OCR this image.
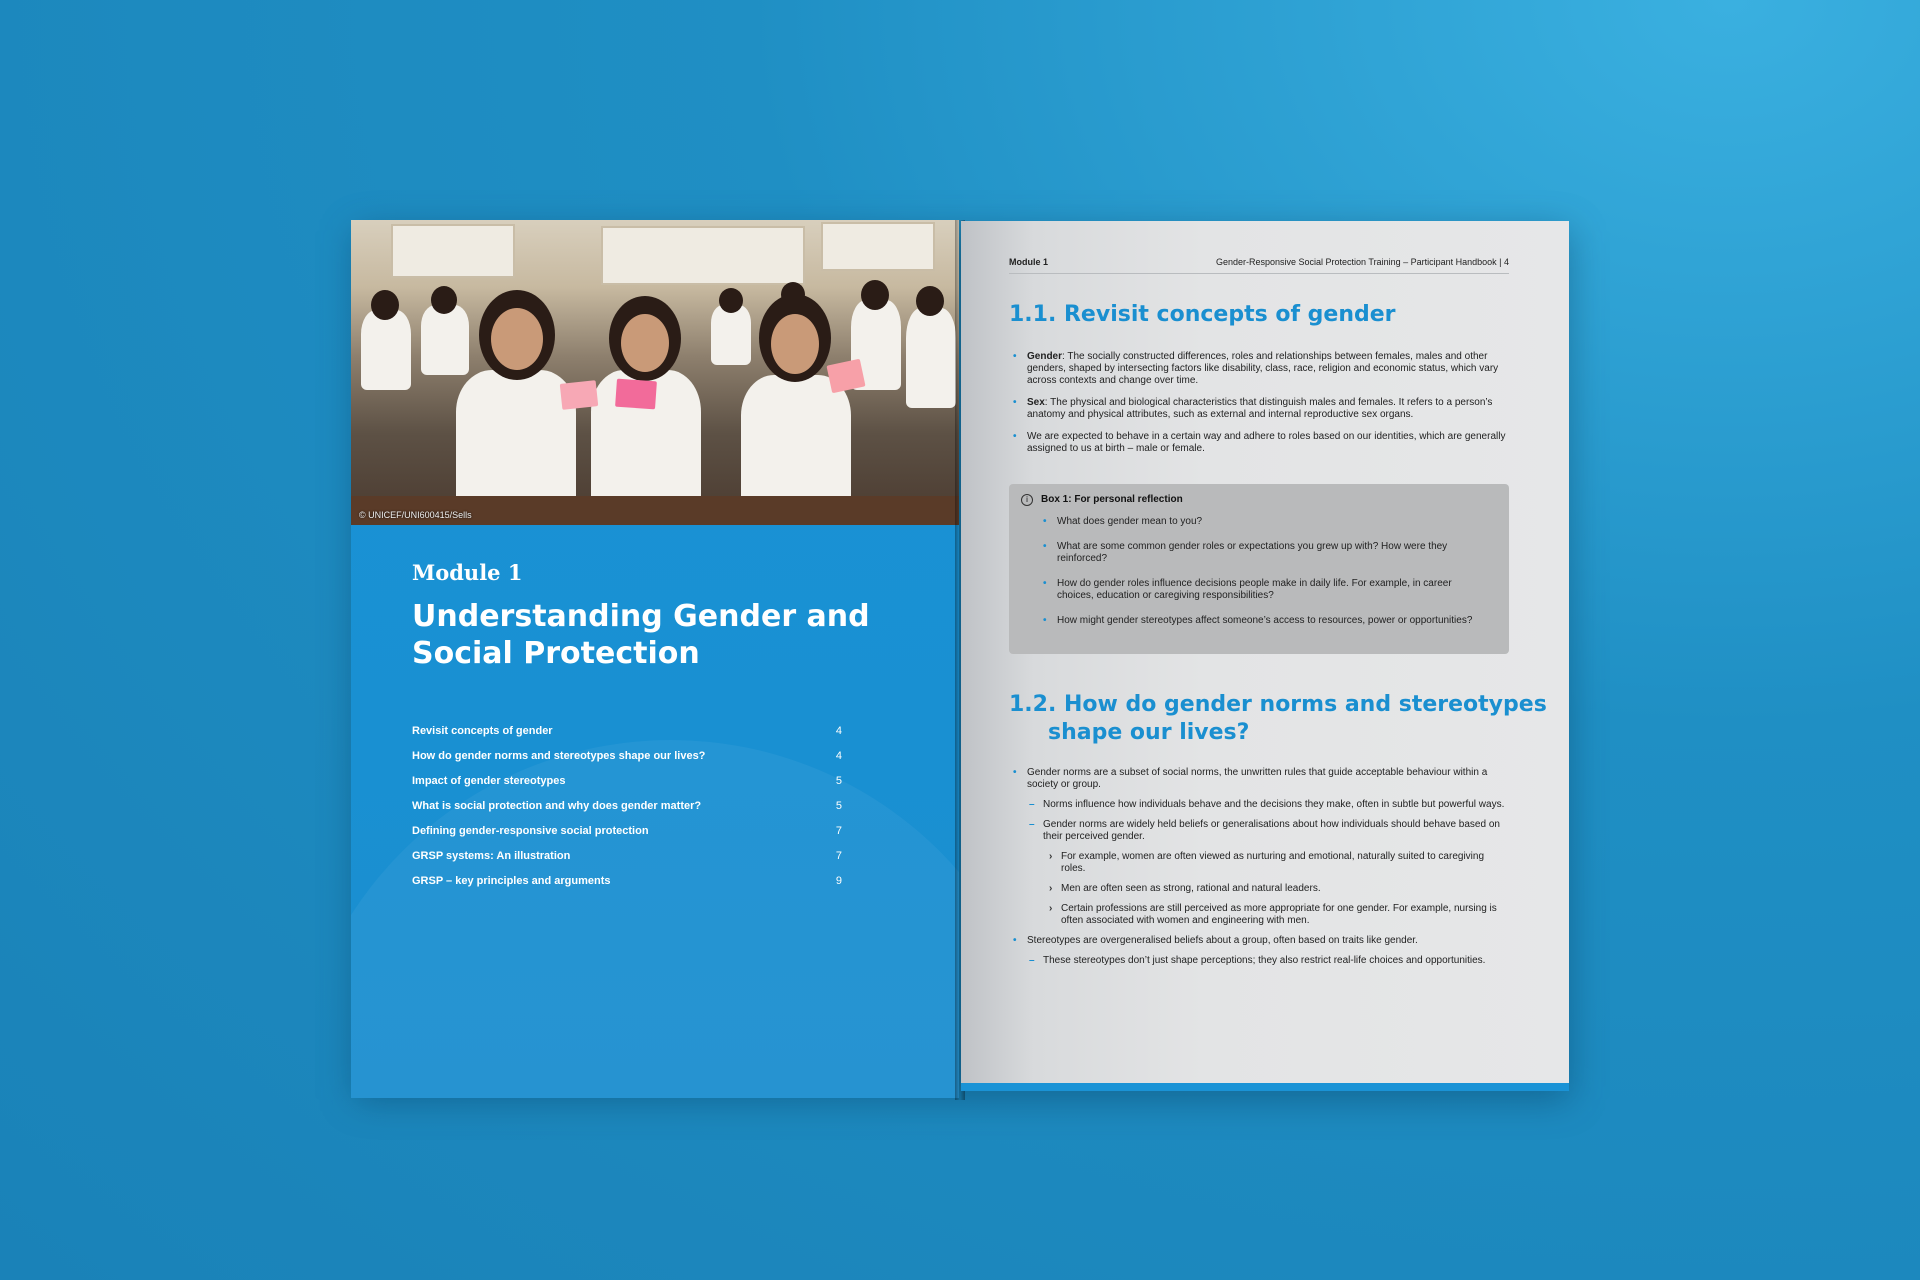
© UNICEF/UNI600415/Sells
Module 1
Understanding Gender and Social Protection
Revisit concepts of gender	4
How do gender norms and stereotypes shape our lives?	4
Impact of gender stereotypes	5
What is social protection and why does gender matter?	5
Defining gender-responsive social protection	7
GRSP systems: An illustration	7
GRSP – key principles and arguments	9
Module 1	Gender-Responsive Social Protection Training – Participant Handbook | 4
1.1. Revisit concepts of gender
• Gender: The socially constructed differences, roles and relationships between females, males and other genders, shaped by intersecting factors like disability, class, race, religion and economic status, which vary across contexts and change over time.
• Sex: The physical and biological characteristics that distinguish males and females. It refers to a person’s anatomy and physical attributes, such as external and internal reproductive sex organs.
• We are expected to behave in a certain way and adhere to roles based on our identities, which are generally assigned to us at birth – male or female.
i Box 1: For personal reflection
• What does gender mean to you?
• What are some common gender roles or expectations you grew up with? How were they reinforced?
• How do gender roles influence decisions people make in daily life. For example, in career choices, education or caregiving responsibilities?
• How might gender stereotypes affect someone’s access to resources, power or opportunities?
1.2. How do gender norms and stereotypes
shape our lives?
• Gender norms are a subset of social norms, the unwritten rules that guide acceptable behaviour within a society or group.
– Norms influence how individuals behave and the decisions they make, often in subtle but powerful ways.
– Gender norms are widely held beliefs or generalisations about how individuals should behave based on their perceived gender.
› For example, women are often viewed as nurturing and emotional, naturally suited to caregiving roles.
› Men are often seen as strong, rational and natural leaders.
› Certain professions are still perceived as more appropriate for one gender. For example, nursing is often associated with women and engineering with men.
• Stereotypes are overgeneralised beliefs about a group, often based on traits like gender.
– These stereotypes don’t just shape perceptions; they also restrict real-life choices and opportunities.
